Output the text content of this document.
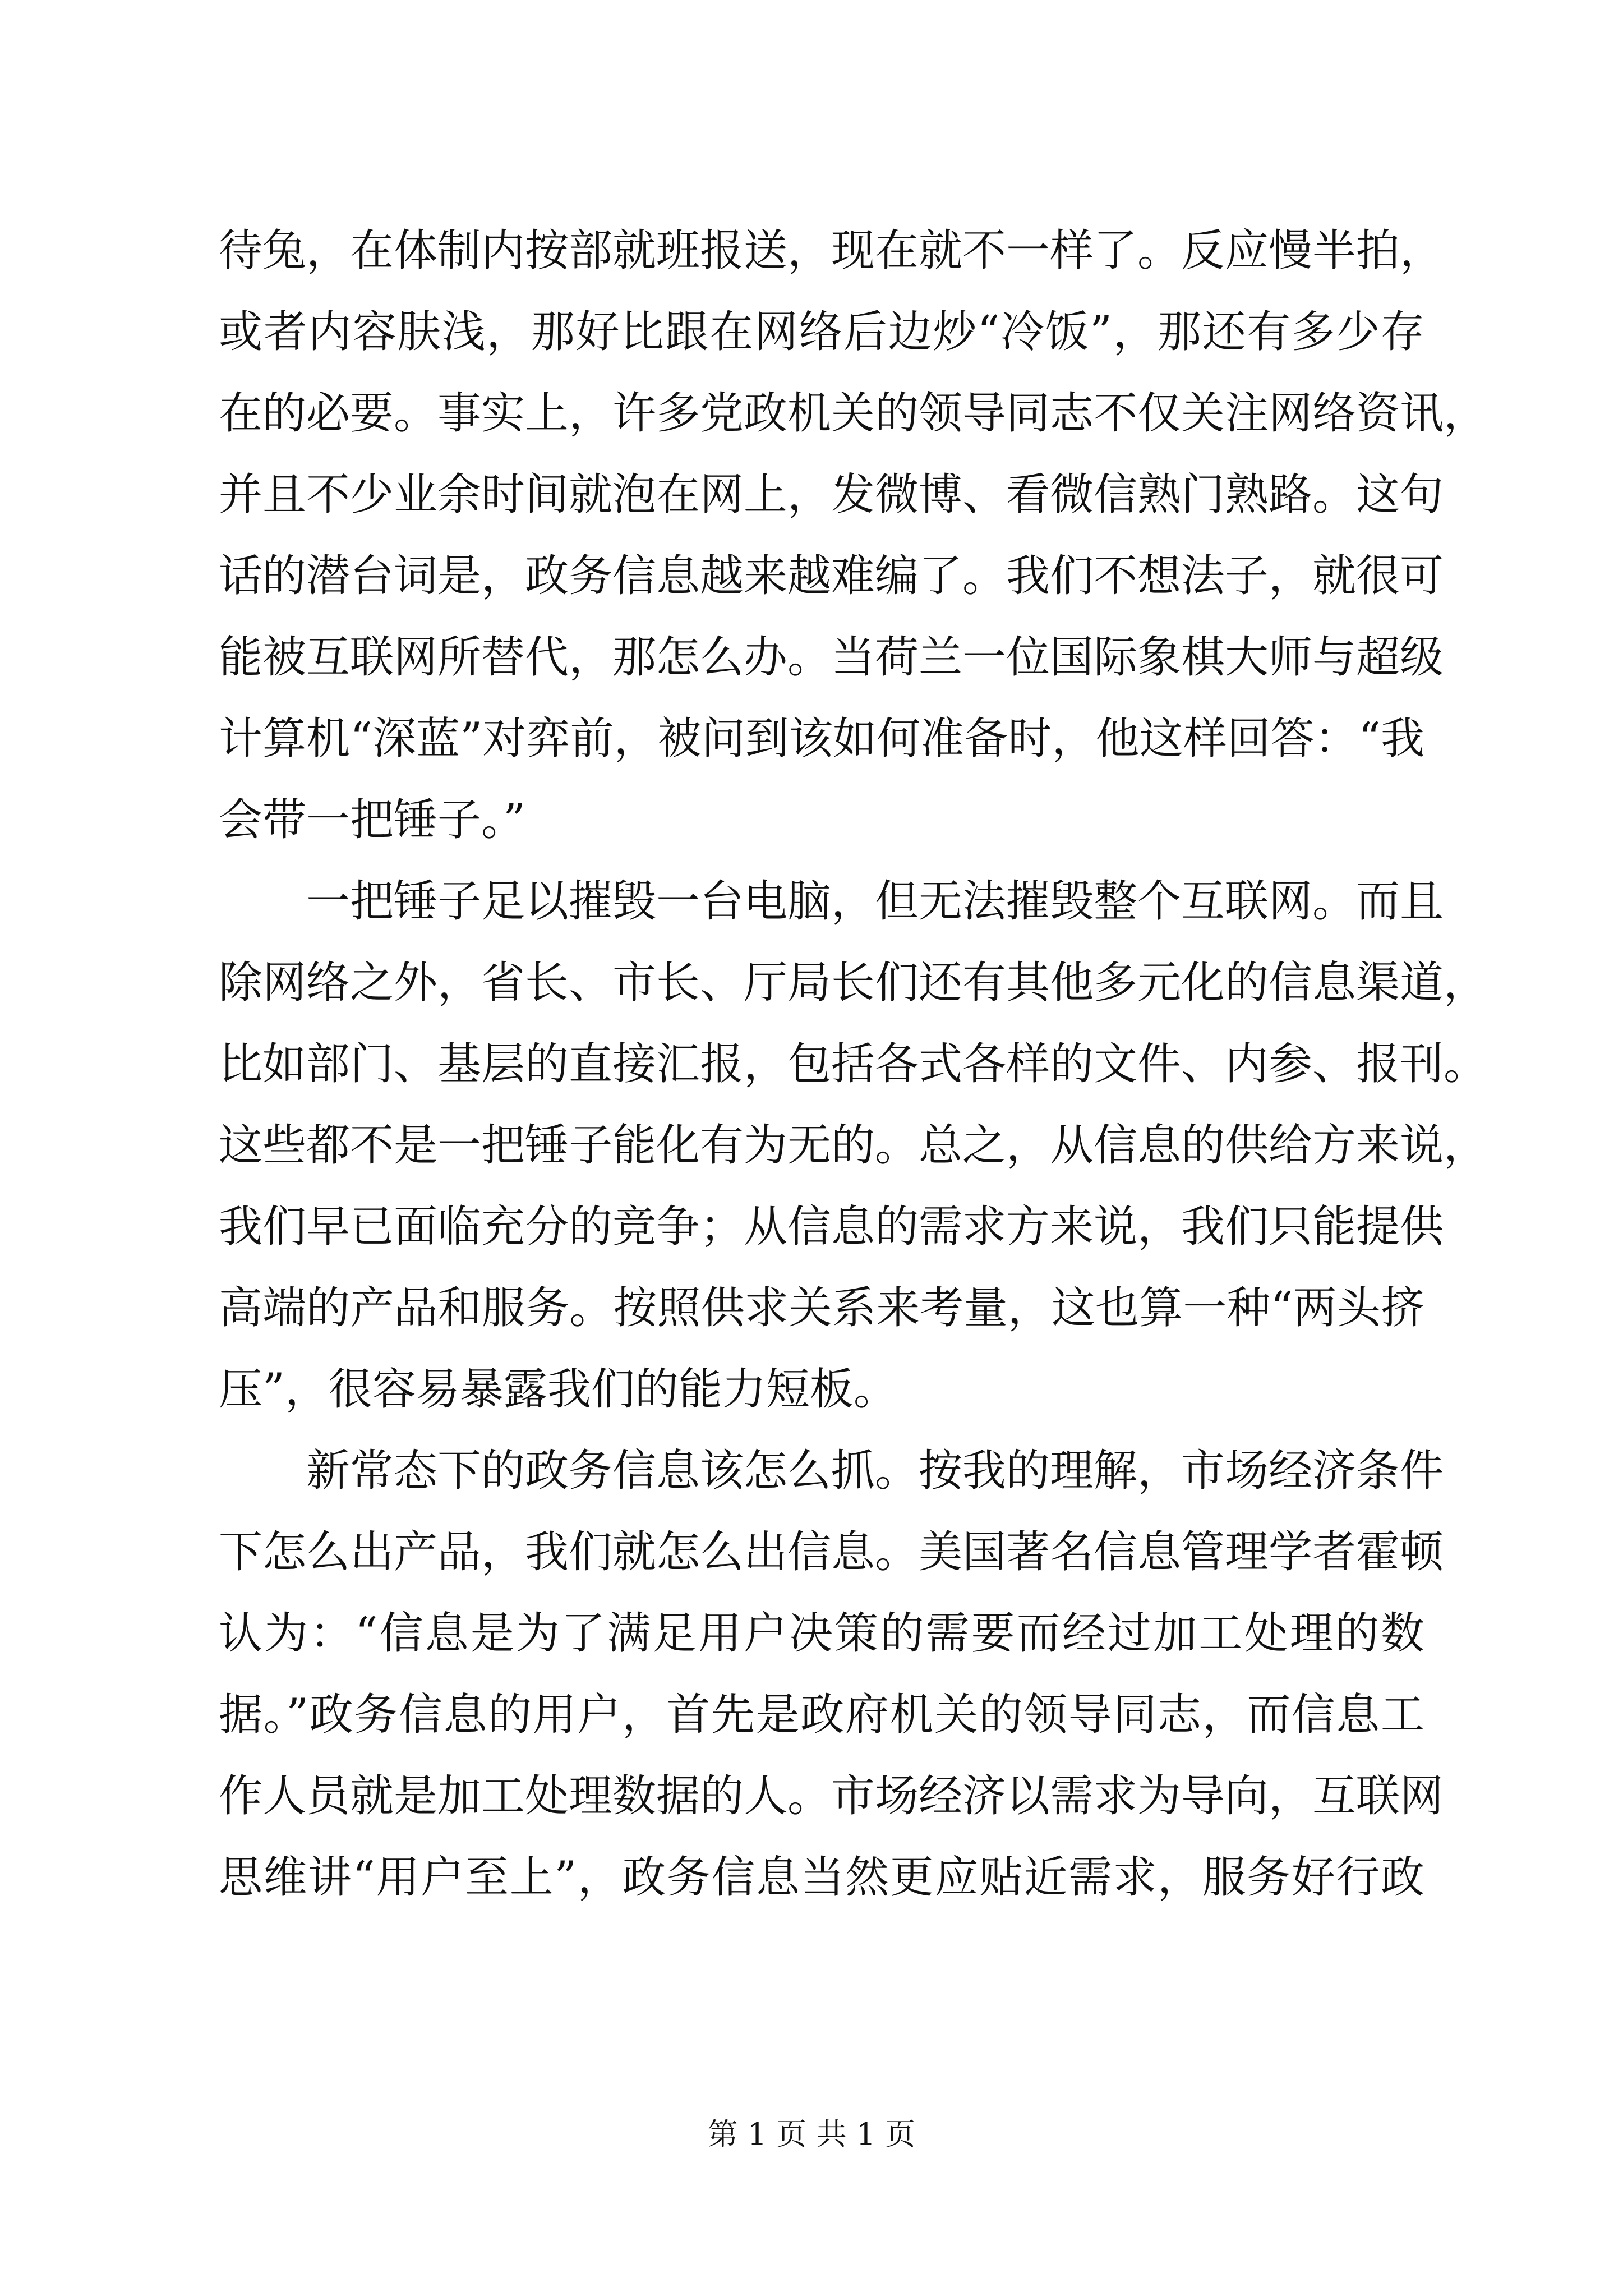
待兔，在体制内按部就班报送，现在就不一样了。反应慢半拍，
或者内容肤浅，那好比跟在网络后边炒“冷饭”，那还有多少存
在的必要。事实上，许多党政机关的领导同志不仅关注网络资讯，
并且不少业余时间就泡在网上，发微博、看微信熟门熟路。这句
话的潜台词是，政务信息越来越难编了。我们不想法子，就很可
能被互联网所替代，那怎么办。当荷兰一位国际象棋大师与超级
计算机“深蓝”对弈前，被问到该如何准备时，他这样回答：“我
会带一把锤子。”
一把锤子足以摧毁一台电脑，但无法摧毁整个互联网。而且
除网络之外，省长、市长、厅局长们还有其他多元化的信息渠道，
比如部门、基层的直接汇报，包括各式各样的文件、内参、报刊。
这些都不是一把锤子能化有为无的。总之，从信息的供给方来说，
我们早已面临充分的竞争；从信息的需求方来说，我们只能提供
高端的产品和服务。按照供求关系来考量，这也算一种“两头挤
压”，很容易暴露我们的能力短板。
新常态下的政务信息该怎么抓。按我的理解，市场经济条件
下怎么出产品，我们就怎么出信息。美国著名信息管理学者霍顿
认为：“信息是为了满足用户决策的需要而经过加工处理的数
据。”政务信息的用户，首先是政府机关的领导同志，而信息工
作人员就是加工处理数据的人。市场经济以需求为导向，互联网
思维讲“用户至上”，政务信息当然更应贴近需求，服务好行政
第 1 页 共 1 页
